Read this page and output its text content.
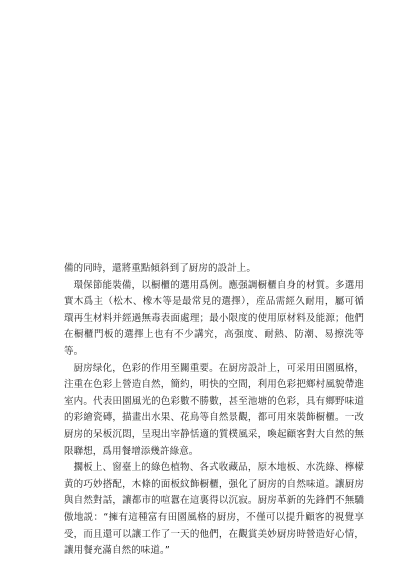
備的同時，還將重點傾斜到了厨房的設計上。

環保節能裝備，以橱櫃的選用爲例。應强調橱櫃自身的材質。多選用實木爲主（松木、橡木等是最常見的選擇），産品需經久耐用，屬可循環再生材料并經過無毒表面處理；最小限度的使用原材料及能源；他們在橱櫃門板的選擇上也有不少講究，高强度、耐熱、防潮、易擦洗等等。

厨房绿化，色彩的作用至關重要。在厨房設計上，可采用田園風格，注重在色彩上營造自然，簡約，明快的空間，利用色彩把鄉村風貌帶進室内。代表田園風光的色彩數不勝數，甚至池塘的色彩，具有鄉野味道的彩繪瓷磚，描畫出水果、花鳥等自然景觀，都可用來裝飾橱櫃。一改厨房的呆板沉悶，呈現出宰静恬適的質樸風采，喚起顧客對大自然的無限聯想，爲用餐增添幾許綠意。

擱板上、窗臺上的綠色植物、各式收藏品，原木地板、水洗綠、檸檬黄的巧妙搭配，木條的面板紋飾橱櫃，强化了厨房的自然味道。讓厨房與自然對話，讓都市的喧囂在這裏得以沉寂。厨房革新的先鋒們不無驕傲地説：“擁有這種富有田園風格的厨房，不僅可以提升顧客的視覺享受，而且還可以讓工作了一天的他們，在觀賞美妙厨房時營造好心情，讓用餐充滿自然的味道。”
